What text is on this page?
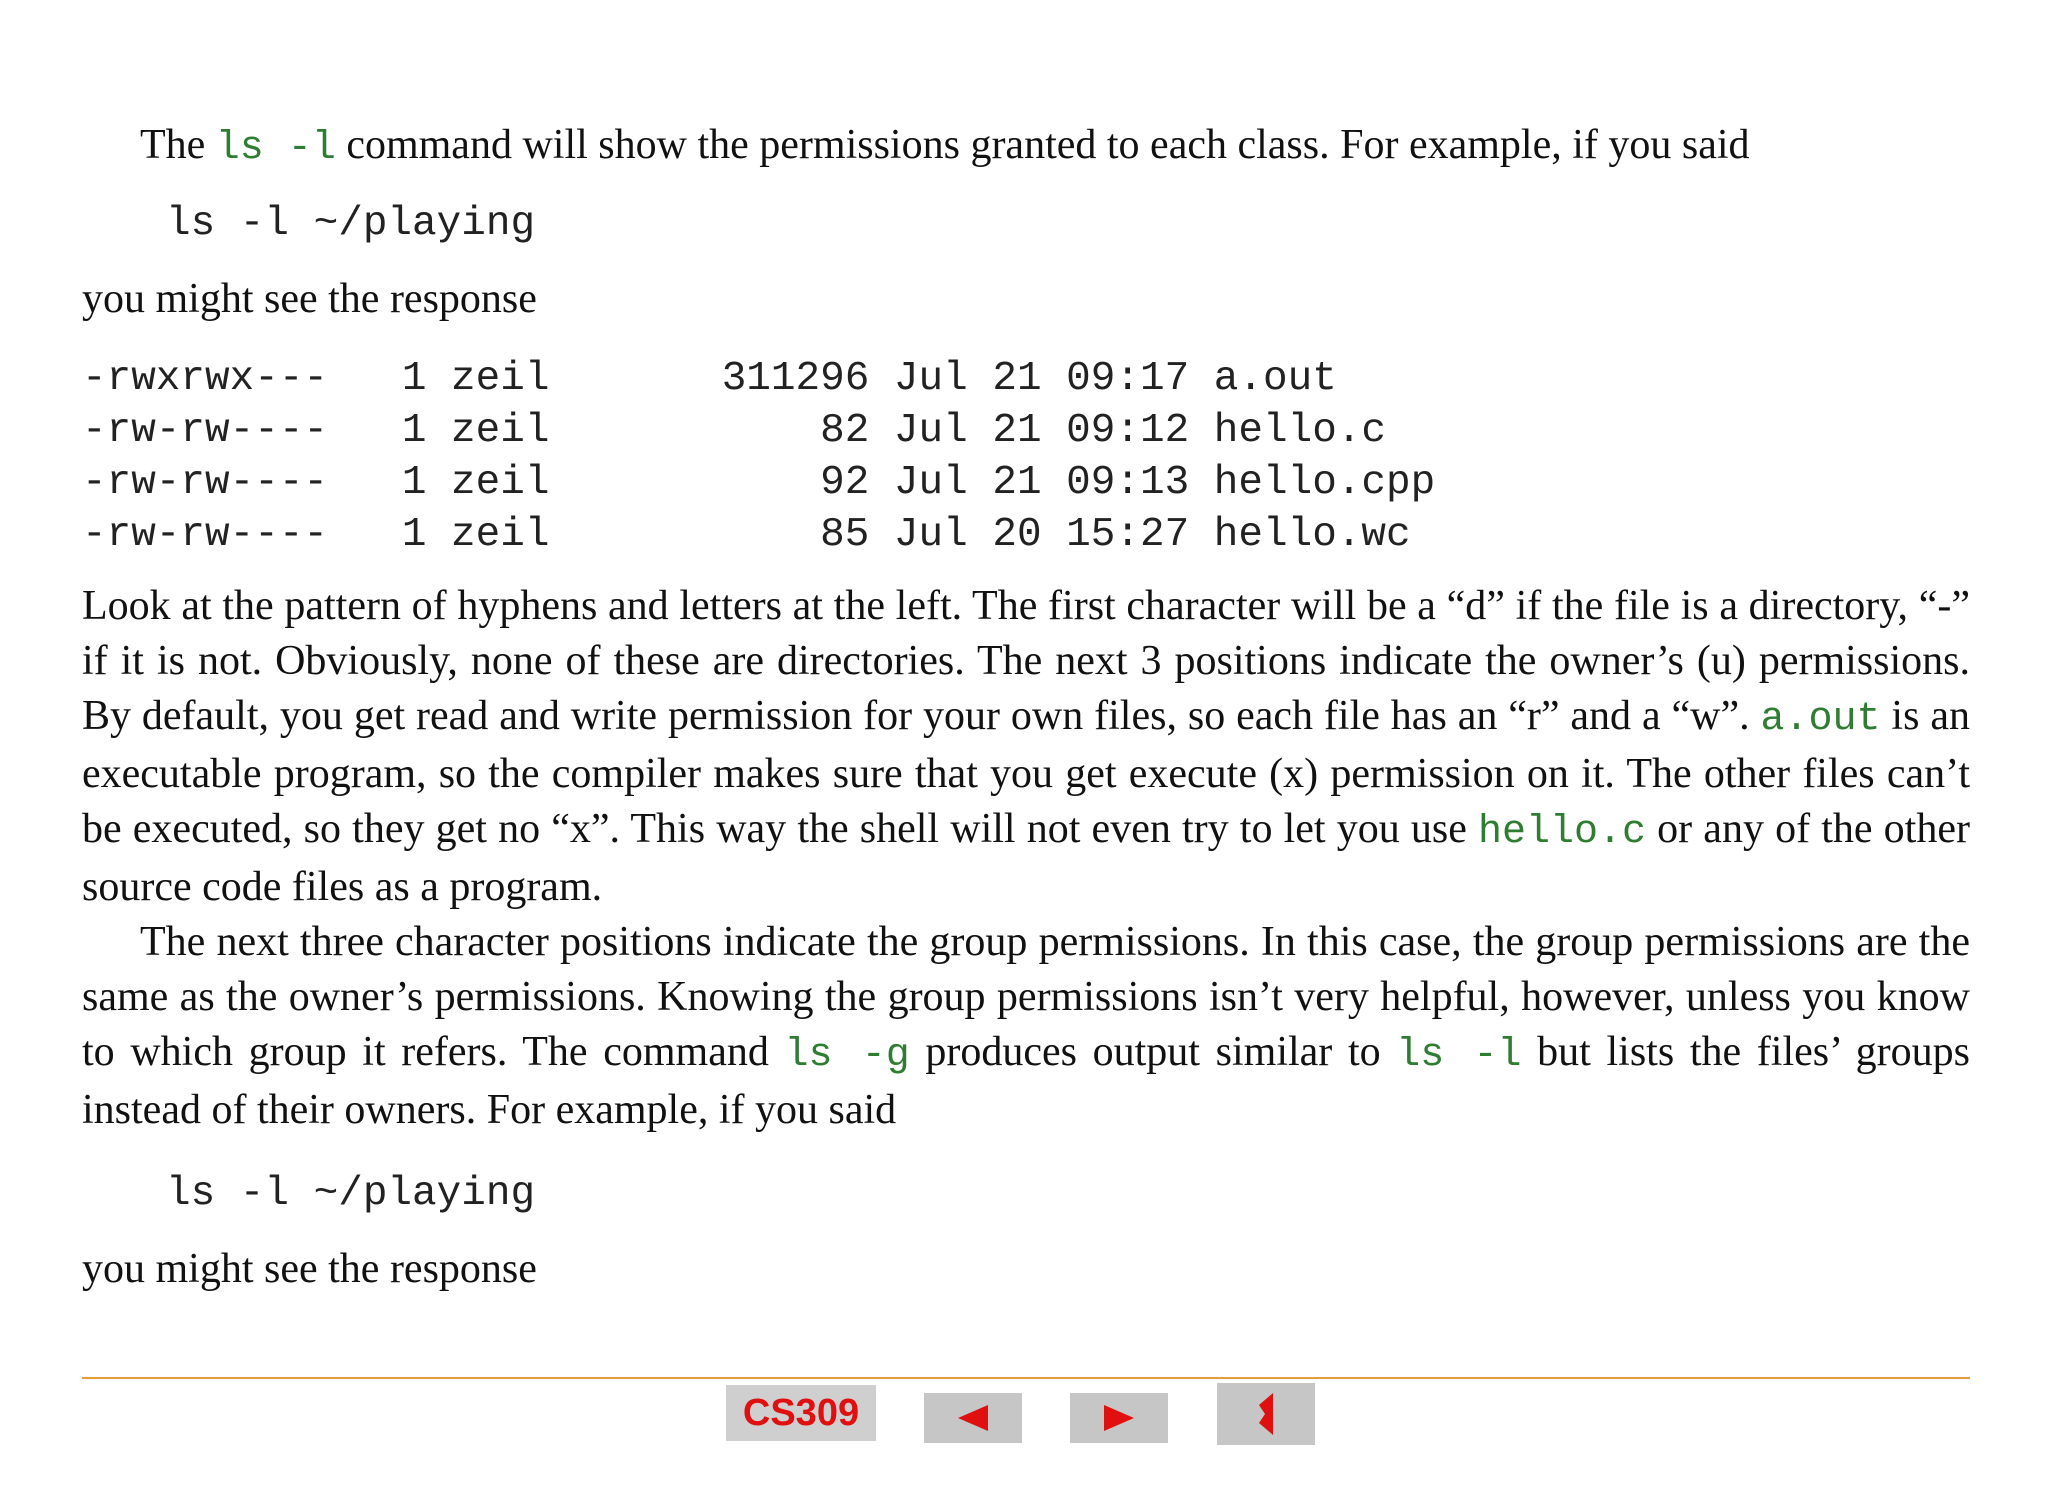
The ls -l command will show the permissions granted to each class. For example, if you said

ls -l ~/playing

you might see the response

-rwxrwx---   1 zeil       311296 Jul 21 09:17 a.out
-rw-rw----   1 zeil           82 Jul 21 09:12 hello.c
-rw-rw----   1 zeil           92 Jul 21 09:13 hello.cpp
-rw-rw----   1 zeil           85 Jul 20 15:27 hello.wc

Look at the pattern of hyphens and letters at the left. The first character will be a “d” if the file is a directory, “-” if it is not. Obviously, none of these are directories. The next 3 positions indicate the owner’s (u) permissions. By default, you get read and write permission for your own files, so each file has an “r” and a “w”. a.out is an executable program, so the compiler makes sure that you get execute (x) permission on it. The other files can’t be executed, so they get no “x”. This way the shell will not even try to let you use hello.c or any of the other source code files as a program.

The next three character positions indicate the group permissions. In this case, the group permissions are the same as the owner’s permissions. Knowing the group permissions isn’t very helpful, however, unless you know to which group it refers. The command ls -g produces output similar to ls -l but lists the files’ groups instead of their owners. For example, if you said

ls -l ~/playing

you might see the response

CS309
